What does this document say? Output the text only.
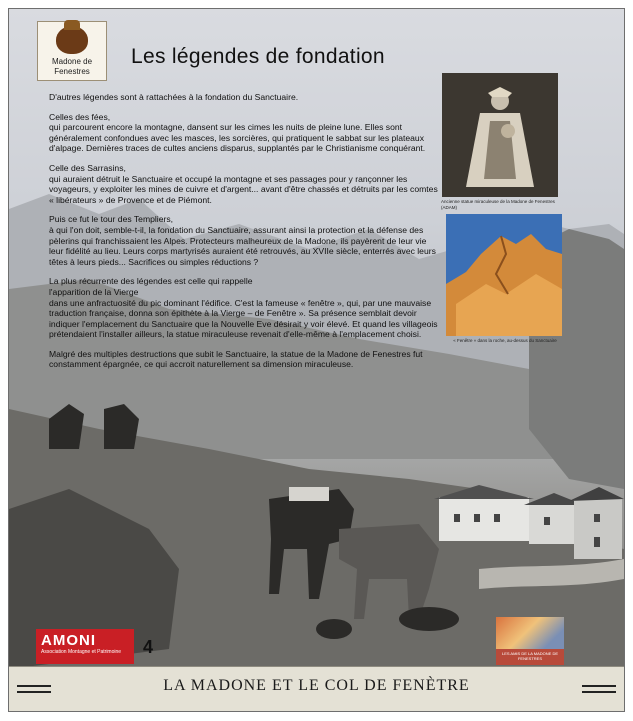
Madone de Fenestres
Les légendes de fondation

D'autres légendes sont à rattachées à la fondation du Sanctuaire.

Celles des fées,
qui parcourent encore la montagne, dansent sur les cimes les nuits de pleine lune. Elles sont généralement confondues avec les masces, les sorcières, qui pratiquent le sabbat sur les plateaux d'alpage. Dernières traces de cultes anciens disparus, supplantés par le Christianisme conquérant.

Celle des Sarrasins,
qui auraient détruit le Sanctuaire et occupé la montagne et ses passages pour y rançonner les voyageurs, y exploiter les mines de cuivre et d'argent... avant d'être chassés et détruits par les comtes « libérateurs » de Provence et de Piémont.

Puis ce fut le tour des Templiers,
à qui l'on doit, semble-t-il, la fondation du Sanctuaire, assurant ainsi la protection et la défense des pèlerins qui franchissaient les Alpes. Protecteurs malheureux de la Madone, ils payèrent de leur vie leur fidélité au lieu. Leurs corps martyrisés auraient été retrouvés, au XVIIe siècle, enterrés avec leurs têtes à leurs pieds... Sacrifices ou simples réductions ?

La plus récurrente des légendes est celle qui rappelle
l'apparition de la Vierge
dans une anfractuosité du pic dominant l'édifice. C'est la fameuse « fenêtre », qui, par une mauvaise traduction française, donna son épithète à la Vierge – de Fenêtre ». Sa présence semblait devoir indiquer l'emplacement du Sanctuaire que la Nouvelle Eve désirait y voir élevé. Et quand les villageois prétendaient l'installer ailleurs, la statue miraculeuse revenait d'elle-même à l'emplacement choisi.

Malgré des multiples destructions que subit le Sanctuaire, la statue de la Madone de Fenestres fut constamment épargnée, ce qui accroit naturellement sa dimension miraculeuse.

Ancienne statue miraculeuse de la Madone de Fenestres (ADAM)
« Fenêtre » dans la roche, au-dessus du Sanctuaire
AMONI
Association Montagne et Patrimoine	4	LES AMIS DE LA MADONE DE FENESTRES
LA MADONE ET LE COL DE FENÈTRE
